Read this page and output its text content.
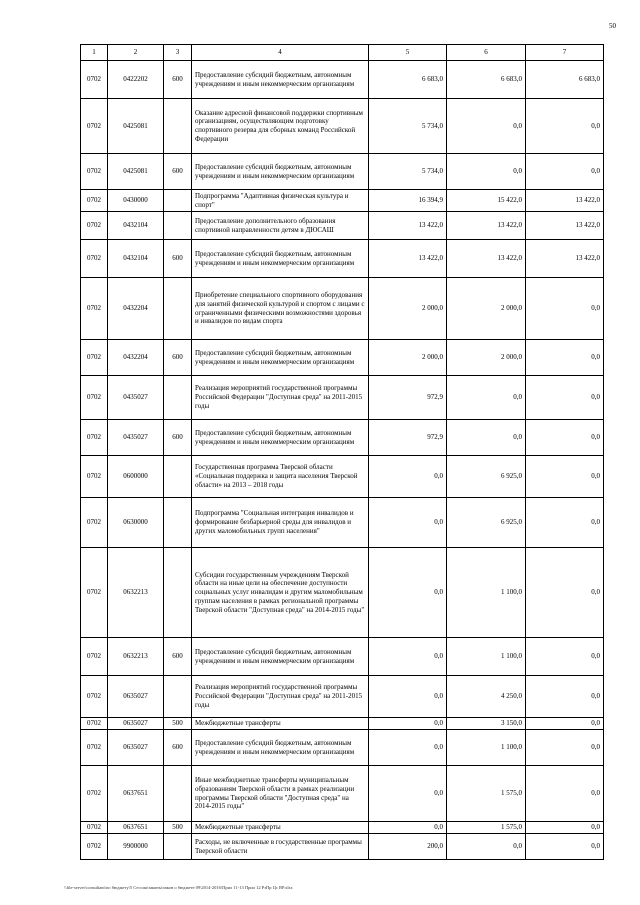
50
1	2	3	4	5	6	7
0702	0422202	600	Предоставление субсидий бюджетным, автономным учреждениям и иным некоммерческим организациям	6 683,0	6 683,0	6 683,0
0702	0425081		Оказание адресной финансовой поддержки спортивным организациям, осуществляющим подготовку спортивного резерва для сборных команд Российской Федерации	5 734,0	0,0	0,0
0702	0425081	600	Предоставление субсидий бюджетным, автономным учреждениям и иным некоммерческим организациям	5 734,0	0,0	0,0
0702	0430000		Подпрограмма "Адаптивная физическая культура и спорт"	16 394,9	15 422,0	13 422,0
0702	0432104		Предоставление дополнительного образования спортивной направленности детям в ДЮСАШ	13 422,0	13 422,0	13 422,0
0702	0432104	600	Предоставление субсидий бюджетным, автономным учреждениям и иным некоммерческим организациям	13 422,0	13 422,0	13 422,0
0702	0432204		Приобретение специального спортивного оборудования для занятий физической культурой и спортом с лицами с ограниченными физическими возможностями здоровья и инвалидов по видам спорта	2 000,0	2 000,0	0,0
0702	0432204	600	Предоставление субсидий бюджетным, автономным учреждениям и иным некоммерческим организациям	2 000,0	2 000,0	0,0
0702	0435027		Реализация мероприятий государственной программы Российской Федерации "Доступная среда" на 2011-2015 годы	972,9	0,0	0,0
0702	0435027	600	Предоставление субсидий бюджетным, автономным учреждениям и иным некоммерческим организациям	972,9	0,0	0,0
0702	0600000		Государственная программа Тверской области «Социальная поддержка и защита населения Тверской области» на 2013 – 2018 годы	0,0	6 925,0	0,0
0702	0630000		Подпрограмма "Социальная интеграция инвалидов и формирование безбарьерной среды для инвалидов и других маломобильных групп населения"	0,0	6 925,0	0,0
0702	0632213		Субсидии государственным учреждениям Тверской области на иные цели на обеспечение доступности социальных услуг инвалидам и другим маломобильным группам населения в рамках региональной программы Тверской области "Доступная среда" на 2014-2015 годы"	0,0	1 100,0	0,0
0702	0632213	600	Предоставление субсидий бюджетным, автономным учреждениям и иным некоммерческим организациям	0,0	1 100,0	0,0
0702	0635027		Реализация мероприятий государственной программы Российской Федерации "Доступная среда" на 2011-2015 годы	0,0	4 250,0	0,0
0702	0635027	500	Межбюджетные трансферты	0,0	3 150,0	0,0
0702	0635027	600	Предоставление субсидий бюджетным, автономным учреждениям и иным некоммерческим организациям	0,0	1 100,0	0,0
0702	0637651		Иные межбюджетные трансферты муниципальным образованиям Тверской области в рамках реализации программы Тверской области "Доступная среда" на 2014-2015 годы"	0,0	1 575,0	0,0
0702	0637651	500	Межбюджетные трансферты	0,0	1 575,0	0,0
0702	9900000		Расходы, не включенные в государственные программы Тверской области	200,0	0,0	0,0
\\file-server\consultant\по бюджету\5 Сессия\законы\закон о бюджете 09\2014-2016\Прил 11-13 Прил 12 РзПр Цс ВР.xlsx
